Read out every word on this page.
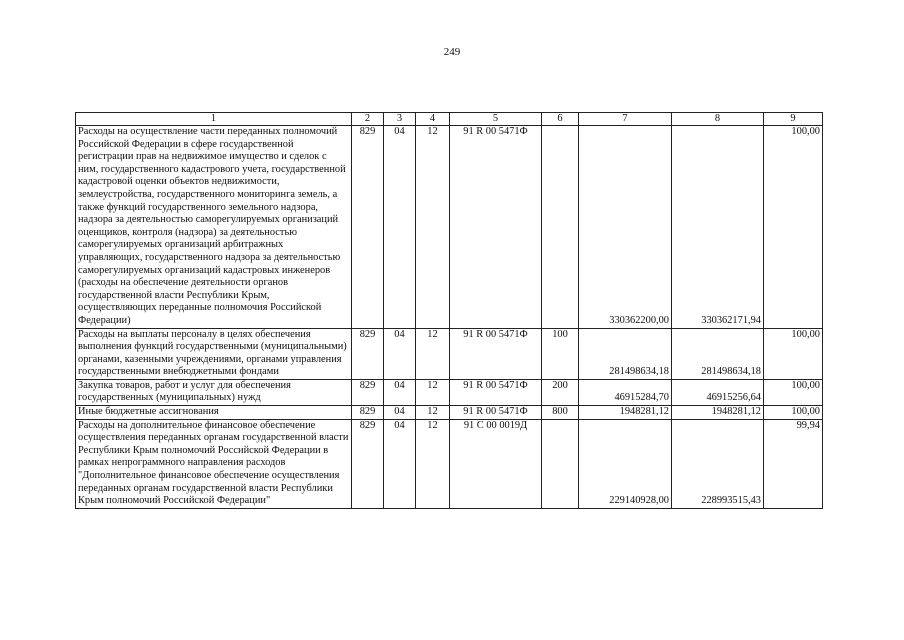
249
1	2	3	4	5	6	7	8	9
Расходы на осуществление части переданных полномочий Российской Федерации в сфере государственной регистрации прав на недвижимое имущество и сделок с ним, государственного кадастрового учета, государственной кадастровой оценки объектов недвижимости, землеустройства, государственного мониторинга земель, а также функций государственного земельного надзора, надзора за деятельностью саморегулируемых организаций оценщиков, контроля (надзора) за деятельностью саморегулируемых организаций арбитражных управляющих, государственного надзора за деятельностью саморегулируемых организаций кадастровых инженеров (расходы на обеспечение деятельности органов государственной власти Республики Крым, осуществляющих переданные полномочия Российской Федерации)	829	04	12	91 R 00 5471Ф		330362200,00	330362171,94	100,00
Расходы на выплаты персоналу в целях обеспечения выполнения функций государственными (муниципальными) органами, казенными учреждениями, органами управления государственными внебюджетными фондами	829	04	12	91 R 00 5471Ф	100	281498634,18	281498634,18	100,00
Закупка товаров, работ и услуг для обеспечения государственных (муниципальных) нужд	829	04	12	91 R 00 5471Ф	200	46915284,70	46915256,64	100,00
Иные бюджетные ассигнования	829	04	12	91 R 00 5471Ф	800	1948281,12	1948281,12	100,00
Расходы на дополнительное финансовое обеспечение осуществления переданных органам государственной власти Республики Крым полномочий Российской Федерации в рамках непрограммного направления расходов "Дополнительное финансовое обеспечение осуществления переданных органам государственной власти Республики Крым полномочий Российской Федерации"	829	04	12	91 С 00 0019Д		229140928,00	228993515,43	99,94
